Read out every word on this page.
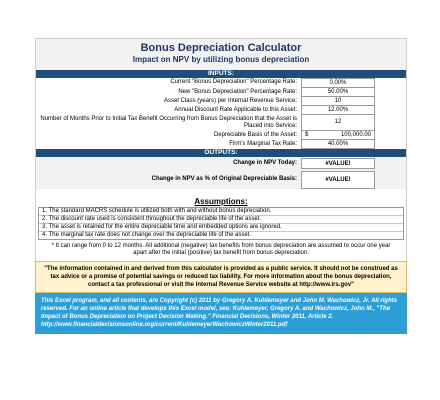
Bonus Depreciation Calculator
Impact on NPV by utilizing bonus depreciation
INPUTS:
Current "Bonus Depreciation" Percentage Rate:	0.00%
New "Bonus Depreciation" Percentage Rate:	50.00%
Asset Class (years) per Internal Revenue Service:	10
Annual Discount Rate Applicable to this Asset:	12.00%
Number of Months Prior to Initial Tax Benefit Occurring from Bonus Depreciation that the Asset is Placed into Service:
12
Depreciable Basis of the Asset:	$	100,000.00
Firm's Marginal Tax Rate:	40.00%
OUTPUTS:
Change in NPV Today:	#VALUE!
Change in NPV as % of Original Depreciable Basis:	#VALUE!
Assumptions:
1. The standard MACRS schedule is utilized both with and without bonus depreciation.
2. The discount rate used is consistent throughout the depreciable life of the asset.
3. The asset is retained for the entire depreciable time and embedded options are ignored.
4. The marginal tax rate does not change over the depreciable life of the asset.
* It can range from 0 to 12 months. All additional (negative) tax benefits from bonus depreciation are assumed to occur one year apart after the initial (positive) tax benefit from bonus depreciation.
"The information contained in and derived from this calculator is provided as a public service. It should not be construed as tax advice or a promise of potential savings or reduced tax liability. For more information about the bonus depreciation, contact a tax professional or visit the Internal Revenue Service website at http://www.irs.gov"
This Excel program, and all contents, are Copyright (c) 2011 by Gregory A. Kuhlemeyer and John M. Wachowicz, Jr. All rights reserved. For an online article that develops this Excel model, see: Kuhlemeyer, Gregory A. and Wachowicz, John M., "The Impact of Bonus Depreciation on Project Decision Making." Financial Decisions, Winter 2011, Article 2. http://www.financialdecisionsonline.org/current/KuhlemeyerWachowiczWinter2011.pdf
